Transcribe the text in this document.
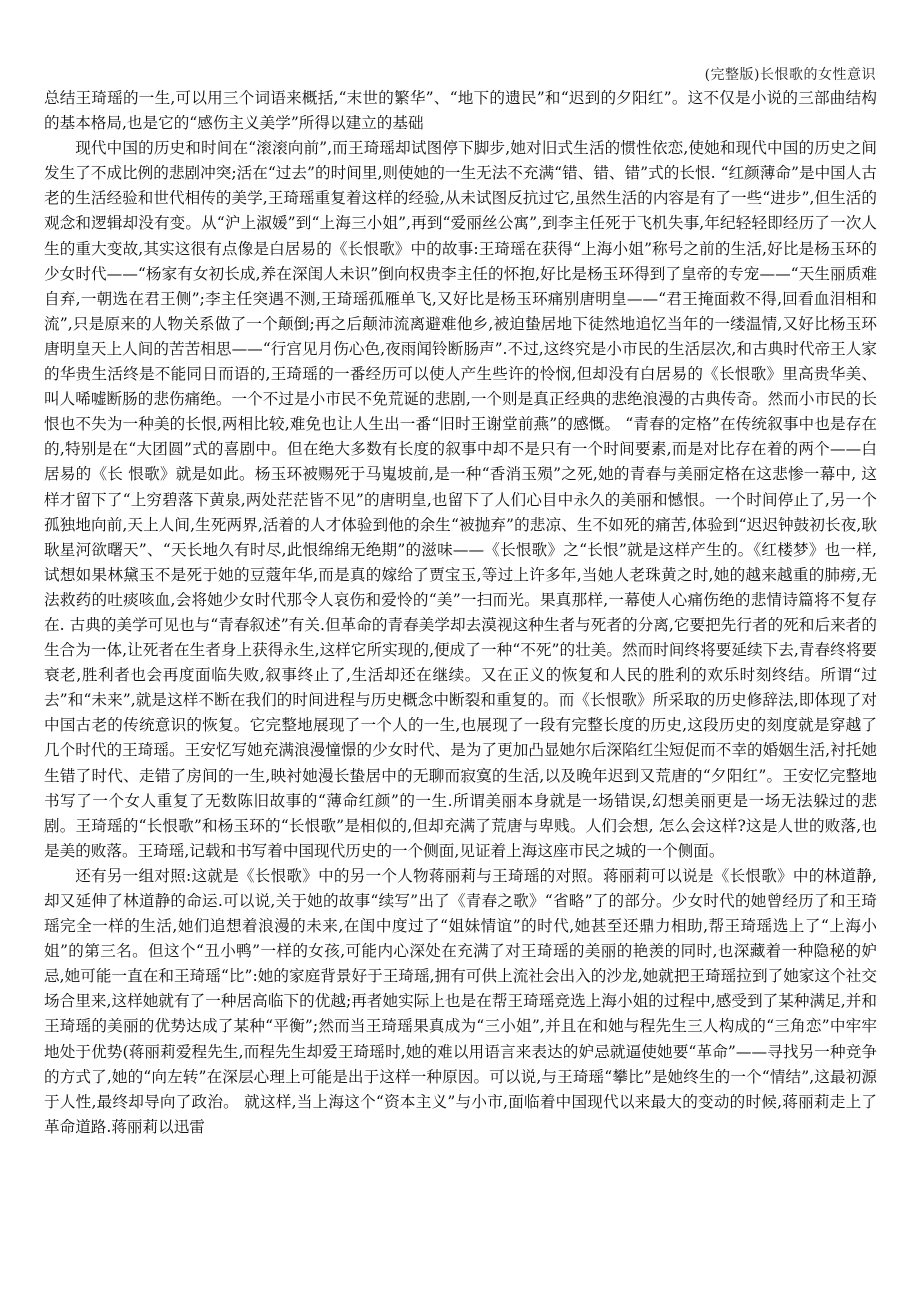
(完整版)长恨歌的女性意识

总结王琦瑶的一生,可以用三个词语来概括,“末世的繁华”、“地下的遗民”和“迟到的夕阳红”。这不仅是小说的三部曲结构的基本格局,也是它的“感伤主义美学”所得以建立的基础

现代中国的历史和时间在“滚滚向前”,而王琦瑶却试图停下脚步,她对旧式生活的惯性依恋,使她和现代中国的历史之间发生了不成比例的悲剧冲突;活在“过去”的时间里,则使她的一生无法不充满“错、错、错”式的长恨. “红颜薄命”是中国人古老的生活经验和世代相传的美学,王琦瑶重复着这样的经验,从未试图反抗过它,虽然生活的内容是有了一些“进步”,但生活的观念和逻辑却没有变。从“沪上淑媛”到“上海三小姐”,再到“爱丽丝公寓”,到李主任死于飞机失事,年纪轻轻即经历了一次人生的重大变故,其实这很有点像是白居易的《长恨歌》中的故事:王琦瑶在获得“上海小姐”称号之前的生活,好比是杨玉环的少女时代——“杨家有女初长成,养在深闺人未识”倒向权贵李主任的怀抱,好比是杨玉环得到了皇帝的专宠——“天生丽质难自弃,一朝选在君王侧”;李主任突遇不测,王琦瑶孤雁单飞,又好比是杨玉环痛别唐明皇——“君王掩面救不得,回看血泪相和流”,只是原来的人物关系做了一个颠倒;再之后颠沛流离避难他乡,被迫蛰居地下徒然地追忆当年的一缕温情,又好比杨玉环唐明皇天上人间的苦苦相思——“行宫见月伤心色,夜雨闻铃断肠声”.不过,这终究是小市民的生活层次,和古典时代帝王人家的华贵生活终是不能同日而语的,王琦瑶的一番经历可以使人产生些许的怜悯,但却没有白居易的《长恨歌》里高贵华美、叫人唏嘘断肠的悲伤痛绝。一个不过是小市民不免荒诞的悲剧,一个则是真正经典的悲绝浪漫的古典传奇。然而小市民的长恨也不失为一种美的长恨,两相比较,难免也让人生出一番“旧时王谢堂前燕”的感慨。 “青春的定格”在传统叙事中也是存在的,特别是在“大团圆”式的喜剧中。但在绝大多数有长度的叙事中却不是只有一个时间要素,而是对比存在着的两个——白居易的《长 恨歌》就是如此。杨玉环被赐死于马嵬坡前,是一种“香消玉殒”之死,她的青春与美丽定格在这悲惨一幕中, 这样才留下了“上穷碧落下黄泉,两处茫茫皆不见”的唐明皇,也留下了人们心目中永久的美丽和憾恨。一个时间停止了,另一个孤独地向前,天上人间,生死两界,活着的人才体验到他的余生“被抛弃”的悲凉、生不如死的痛苦,体验到“迟迟钟鼓初长夜,耿耿星河欲曙天”、“天长地久有时尽,此恨绵绵无绝期”的滋味——《长恨歌》之“长恨”就是这样产生的。《红楼梦》也一样,试想如果林黛玉不是死于她的豆蔻年华,而是真的嫁给了贾宝玉,等过上许多年,当她人老珠黄之时,她的越来越重的肺痨,无法救药的吐痰咳血,会将她少女时代那令人哀伤和爱怜的“美”一扫而光。果真那样,一幕使人心痛伤绝的悲情诗篇将不复存在. 古典的美学可见也与“青春叙述”有关.但革命的青春美学却去漠视这种生者与死者的分离,它要把先行者的死和后来者的生合为一体,让死者在生者身上获得永生,这样它所实现的,便成了一种“不死”的壮美。然而时间终将要延续下去,青春终将要衰老,胜利者也会再度面临失败,叙事终止了,生活却还在继续。又在正义的恢复和人民的胜利的欢乐时刻终结。所谓“过去”和“未来”,就是这样不断在我们的时间进程与历史概念中断裂和重复的。而《长恨歌》所采取的历史修辞法,即体现了对中国古老的传统意识的恢复。它完整地展现了一个人的一生,也展现了一段有完整长度的历史,这段历史的刻度就是穿越了几个时代的王琦瑶。王安忆写她充满浪漫憧憬的少女时代、是为了更加凸显她尔后深陷红尘短促而不幸的婚姻生活,衬托她生错了时代、走错了房间的一生,映衬她漫长蛰居中的无聊而寂寞的生活,以及晚年迟到又荒唐的“夕阳红”。王安忆完整地书写了一个女人重复了无数陈旧故事的“薄命红颜”的一生.所谓美丽本身就是一场错误,幻想美丽更是一场无法躲过的悲剧。王琦瑶的“长恨歌”和杨玉环的“长恨歌”是相似的,但却充满了荒唐与卑贱。人们会想, 怎么会这样?这是人世的败落,也是美的败落。王琦瑶,记载和书写着中国现代历史的一个侧面,见证着上海这座市民之城的一个侧面。

还有另一组对照:这就是《长恨歌》中的另一个人物蒋丽莉与王琦瑶的对照。蒋丽莉可以说是《长恨歌》中的林道静,却又延伸了林道静的命运.可以说,关于她的故事“续写”出了《青春之歌》“省略”了的部分。少女时代的她曾经历了和王琦瑶完全一样的生活,她们追想着浪漫的未来,在闺中度过了“姐妹情谊”的时代,她甚至还鼎力相助,帮王琦瑶选上了“上海小姐”的第三名。但这个“丑小鸭”一样的女孩,可能内心深处在充满了对王琦瑶的美丽的艳羡的同时,也深藏着一种隐秘的妒忌,她可能一直在和王琦瑶“比”:她的家庭背景好于王琦瑶,拥有可供上流社会出入的沙龙,她就把王琦瑶拉到了她家这个社交场合里来,这样她就有了一种居高临下的优越;再者她实际上也是在帮王琦瑶竞选上海小姐的过程中,感受到了某种满足,并和王琦瑶的美丽的优势达成了某种“平衡”;然而当王琦瑶果真成为“三小姐”,并且在和她与程先生三人构成的“三角恋”中牢牢地处于优势(蒋丽莉爱程先生,而程先生却爱王琦瑶时,她的难以用语言来表达的妒忌就逼使她要“革命”——寻找另一种竞争的方式了,她的“向左转”在深层心理上可能是出于这样一种原因。可以说,与王琦瑶“攀比”是她终生的一个“情结”,这最初源于人性,最终却导向了政治。 就这样,当上海这个“资本主义”与小市,面临着中国现代以来最大的变动的时候,蒋丽莉走上了革命道路.蒋丽莉以迅雷
